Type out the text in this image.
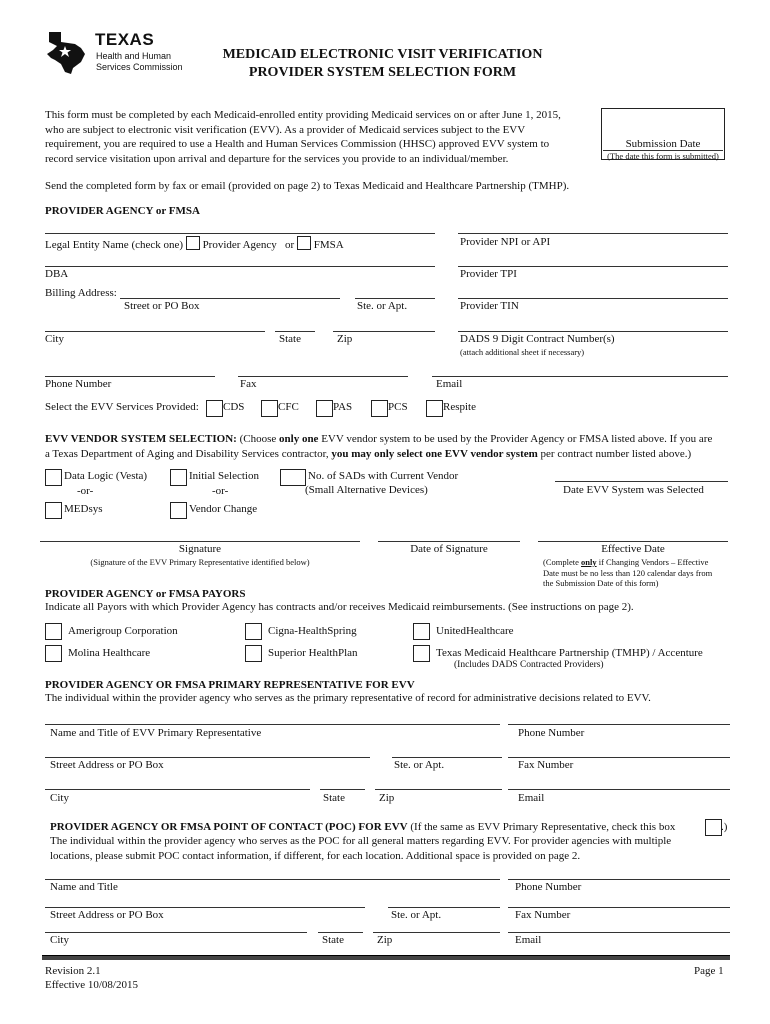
TEXAS
Health and Human
Services Commission
MEDICAID ELECTRONIC VISIT VERIFICATION
PROVIDER SYSTEM SELECTION FORM
This form must be completed by each Medicaid-enrolled entity providing Medicaid services on or after June 1, 2015,
who are subject to electronic visit verification (EVV). As a provider of Medicaid services subject to the EVV
requirement, you are required to use a Health and Human Services Commission (HHSC) approved EVV system to
record service visitation upon arrival and departure for the services you provide to an individual/member.
Submission Date
(The date this form is submitted)
Send the completed form by fax or email (provided on page 2) to Texas Medicaid and Healthcare Partnership (TMHP).
PROVIDER AGENCY or FMSA
Legal Entity Name (check one) Provider Agency or FMSA	Provider NPI or API
DBA	Provider TPI
Billing Address:
Street or PO Box	Ste. or Apt.	Provider TIN
City	State	Zip	DADS 9 Digit Contract Number(s)
(attach additional sheet if necessary)
Phone Number	Fax	Email
Select the EVV Services Provided: CDS	CFC	PAS	PCS	Respite
EVV VENDOR SYSTEM SELECTION: (Choose only one EVV vendor system to be used by the Provider Agency or FMSA listed above. If you are
a Texas Department of Aging and Disability Services contractor, you may only select one EVV vendor system per contract number listed above.)
Data Logic (Vesta)
-or-
MEDsys
Initial Selection
-or-
Vendor Change
No. of SADs with Current Vendor
(Small Alternative Devices)	Date EVV System was Selected
Signature
(Signature of the EVV Primary Representative identified below)
Date of Signature	Effective Date
(Complete only if Changing Vendors – Effective
Date must be no less than 120 calendar days from
the Submission Date of this form)
PROVIDER AGENCY or FMSA PAYORS
Indicate all Payors with which Provider Agency has contracts and/or receives Medicaid reimbursements. (See instructions on page 2).
Amerigroup Corporation	Cigna-HealthSpring	UnitedHealthcare
Molina Healthcare	Superior HealthPlan	Texas Medicaid Healthcare Partnership (TMHP) / Accenture
(Includes DADS Contracted Providers)
PROVIDER AGENCY OR FMSA PRIMARY REPRESENTATIVE FOR EVV
The individual within the provider agency who serves as the primary representative of record for administrative decisions related to EVV.
Name and Title of EVV Primary Representative	Phone Number
Street Address or PO Box	Ste. or Apt.	Fax Number
City	State	Zip	Email
PROVIDER AGENCY OR FMSA POINT OF CONTACT (POC) FOR EVV (If the same as EVV Primary Representative, check this box	.)
The individual within the provider agency who serves as the POC for all general matters regarding EVV. For provider agencies with multiple
locations, please submit POC contact information, if different, for each location. Additional space is provided on page 2.
Name and Title	Phone Number
Street Address or PO Box	Ste. or Apt.	Fax Number
City	State	Zip	Email
Revision 2.1
Effective 10/08/2015
Page 1
